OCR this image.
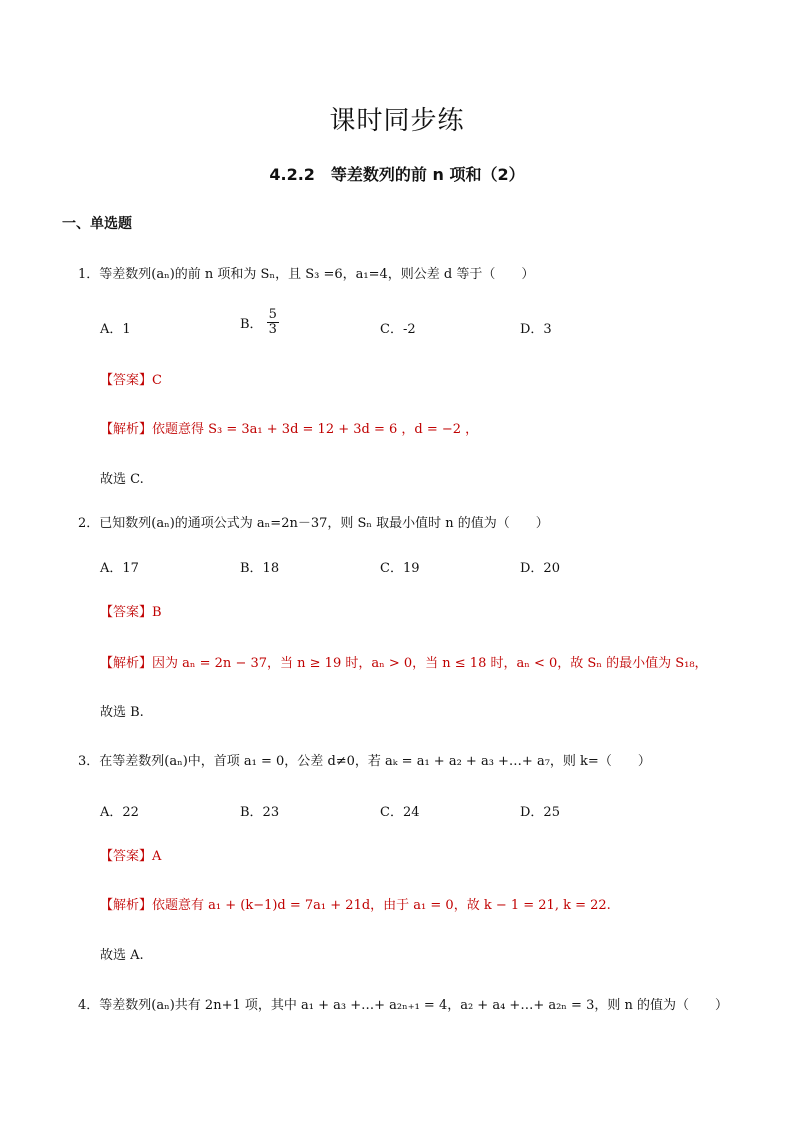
课时同步练
4.2.2　等差数列的前 n 项和（2）
一、单选题
1．等差数列(aₙ)的前 n 项和为 Sₙ，且 S₃ =6，a₁=4，则公差 d 等于（　　）
A．1	B． $\frac{5}{3}$	C．-2	D．3
【答案】C
【解析】依题意得 S₃ = 3a₁ + 3d = 12 + 3d = 6 ，d = −2 ，
故选 C.
2．已知数列(aₙ)的通项公式为 aₙ=2n－37，则 Sₙ 取最小值时 n 的值为（　　）
A．17	B．18	C．19	D．20
【答案】B
【解析】因为 aₙ = 2n − 37，当 n ≥ 19 时，aₙ > 0，当 n ≤ 18 时，aₙ < 0，故 Sₙ 的最小值为 S₁₈，
故选 B.
3．在等差数列(aₙ)中，首项 a₁ = 0，公差 d≠0，若 aₖ = a₁ + a₂ + a₃ +…+ a₇，则 k=（　　）
A．22	B．23	C．24	D．25
【答案】A
【解析】依题意有 a₁ + (k−1)d = 7a₁ + 21d，由于 a₁ = 0，故 k − 1 = 21, k = 22.
故选 A.
4．等差数列(aₙ)共有 2n+1 项，其中 a₁ + a₃ +…+ a₂ₙ₊₁ = 4，a₂ + a₄ +…+ a₂ₙ = 3，则 n 的值为（　　）
